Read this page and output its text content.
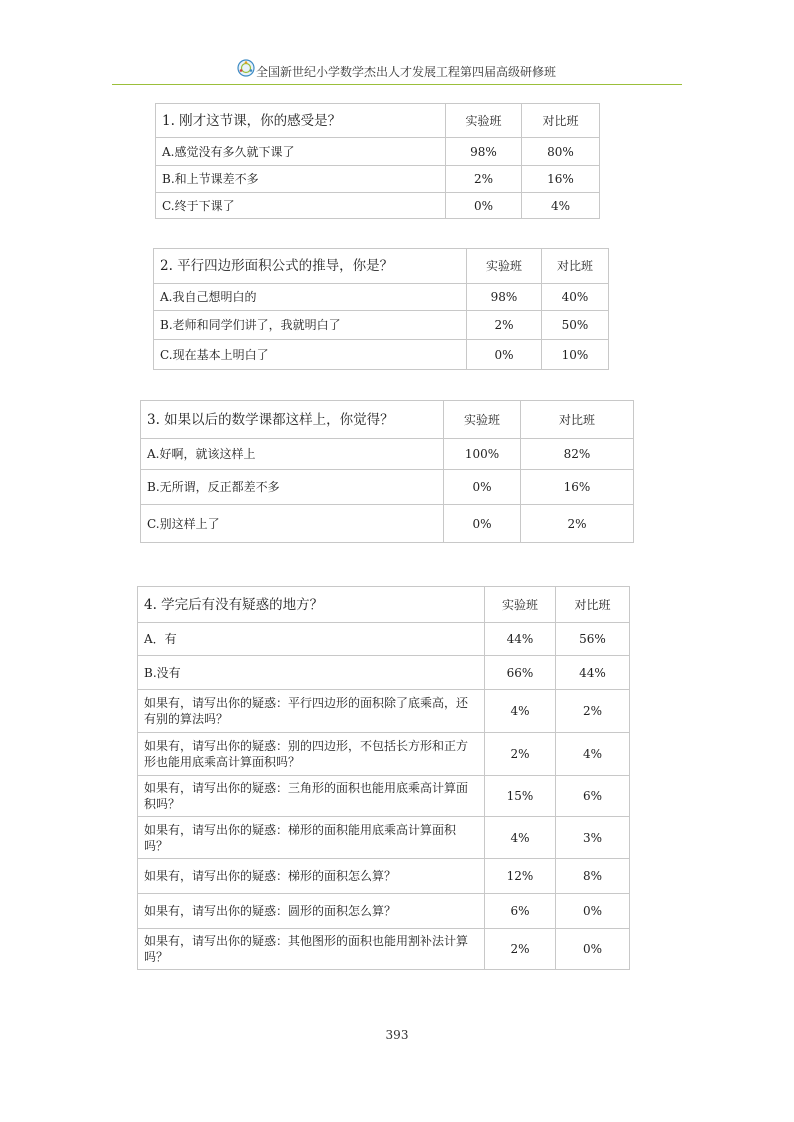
全国新世纪小学数学杰出人才发展工程第四届高级研修班
1. 刚才这节课，你的感受是？	实验班	对比班
A.感觉没有多久就下课了	98%	80%
B.和上节课差不多	2%	16%
C.终于下课了	0%	4%
2. 平行四边形面积公式的推导，你是？	实验班	对比班
A.我自己想明白的	98%	40%
B.老师和同学们讲了，我就明白了	2%	50%
C.现在基本上明白了	0%	10%
3. 如果以后的数学课都这样上，你觉得？	实验班	对比班
A.好啊，就该这样上	100%	82%
B.无所谓，反正都差不多	0%	16%
C.别这样上了	0%	2%
4. 学完后有没有疑惑的地方？	实验班	对比班
A．有	44%	56%
B.没有	66%	44%
如果有，请写出你的疑惑：平行四边形的面积除了底乘高，还有别的算法吗？	4%	2%
如果有，请写出你的疑惑：别的四边形，不包括长方形和正方形也能用底乘高计算面积吗？	2%	4%
如果有，请写出你的疑惑：三角形的面积也能用底乘高计算面积吗？	15%	6%
如果有，请写出你的疑惑：梯形的面积能用底乘高计算面积吗？	4%	3%
如果有，请写出你的疑惑：梯形的面积怎么算？	12%	8%
如果有，请写出你的疑惑：圆形的面积怎么算？	6%	0%
如果有，请写出你的疑惑：其他图形的面积也能用割补法计算吗？	2%	0%
393
